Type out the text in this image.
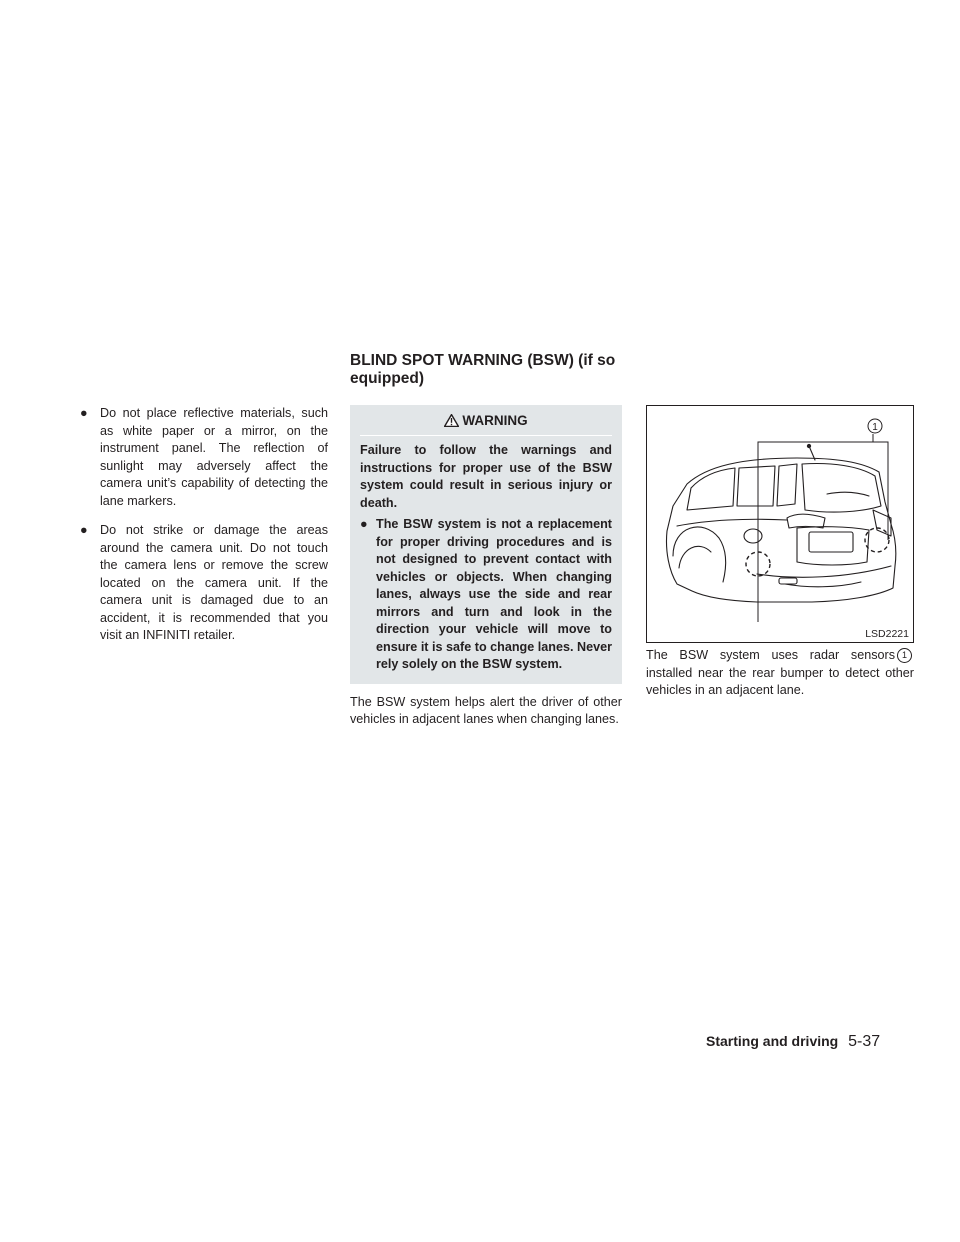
BLIND SPOT WARNING (BSW) (if so equipped)

● Do not place reflective materials, such as white paper or a mirror, on the instrument panel. The reflection of sunlight may adversely affect the camera unit’s capability of detecting the lane markers.

● Do not strike or damage the areas around the camera unit. Do not touch the camera lens or remove the screw located on the camera unit. If the camera unit is damaged due to an accident, it is recommended that you visit an INFINITI retailer.

WARNING

Failure to follow the warnings and instructions for proper use of the BSW system could result in serious injury or death.

● The BSW system is not a replacement for proper driving procedures and is not designed to prevent contact with vehicles or objects. When changing lanes, always use the side and rear mirrors and turn and look in the direction your vehicle will move to ensure it is safe to change lanes. Never rely solely on the BSW system.

The BSW system helps alert the driver of other vehicles in adjacent lanes when changing lanes.

1
LSD2221

The BSW system uses radar sensors 1installed near the rear bumper to detect other vehicles in an adjacent lane.

Starting and driving 5-37
